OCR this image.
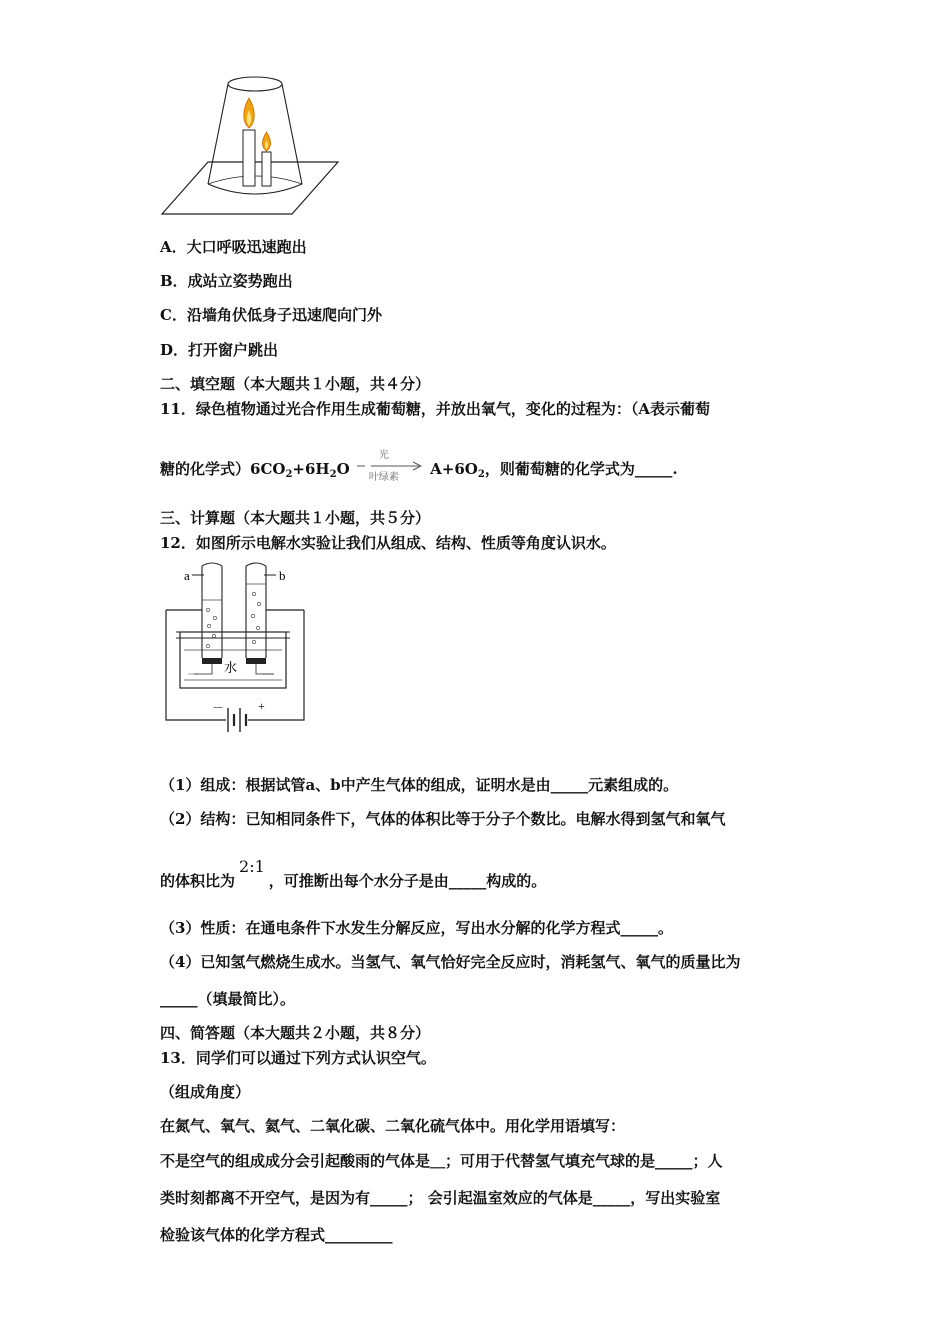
A．大口呼吸迅速跑出
B．成站立姿势跑出
C．沿墙角伏低身子迅速爬向门外
D．打开窗户跳出
二、填空题（本大题共１小题，共４分）
11．绿色植物通过光合作用生成葡萄糖，并放出氧气，变化的过程为：（A表示葡萄
糖的化学式）$6CO_2+6H_2O$
光
叶绿素 $A+6O_2$，则葡萄糖的化学式为_____.
三、计算题（本大题共１小题，共５分）
12．如图所示电解水实验让我们从组成、结构、性质等角度认识水。
a	b
水
－	+
（1）组成：根据试管a、b中产生气体的组成，证明水是由_____元素组成的。
（2）结构：已知相同条件下，气体的体积比等于分子个数比。电解水得到氢气和氧气
的体积比为2:1，可推断出每个水分子是由_____构成的。
（3）性质：在通电条件下水发生分解反应，写出水分解的化学方程式_____。
（4）已知氢气燃烧生成水。当氢气、氧气恰好完全反应时，消耗氢气、氧气的质量比为
_____（填最简比）。
四、简答题（本大题共２小题，共８分）
13．同学们可以通过下列方式认识空气。
（组成角度）
在氮气、氧气、氦气、二氧化碳、二氧化硫气体中。用化学用语填写：
不是空气的组成成分会引起酸雨的气体是＿；可用于代替氢气填充气球的是_____；人
类时刻都离不开空气，是因为有_____； 会引起温室效应的气体是_____，写出实验室
检验该气体的化学方程式_________
